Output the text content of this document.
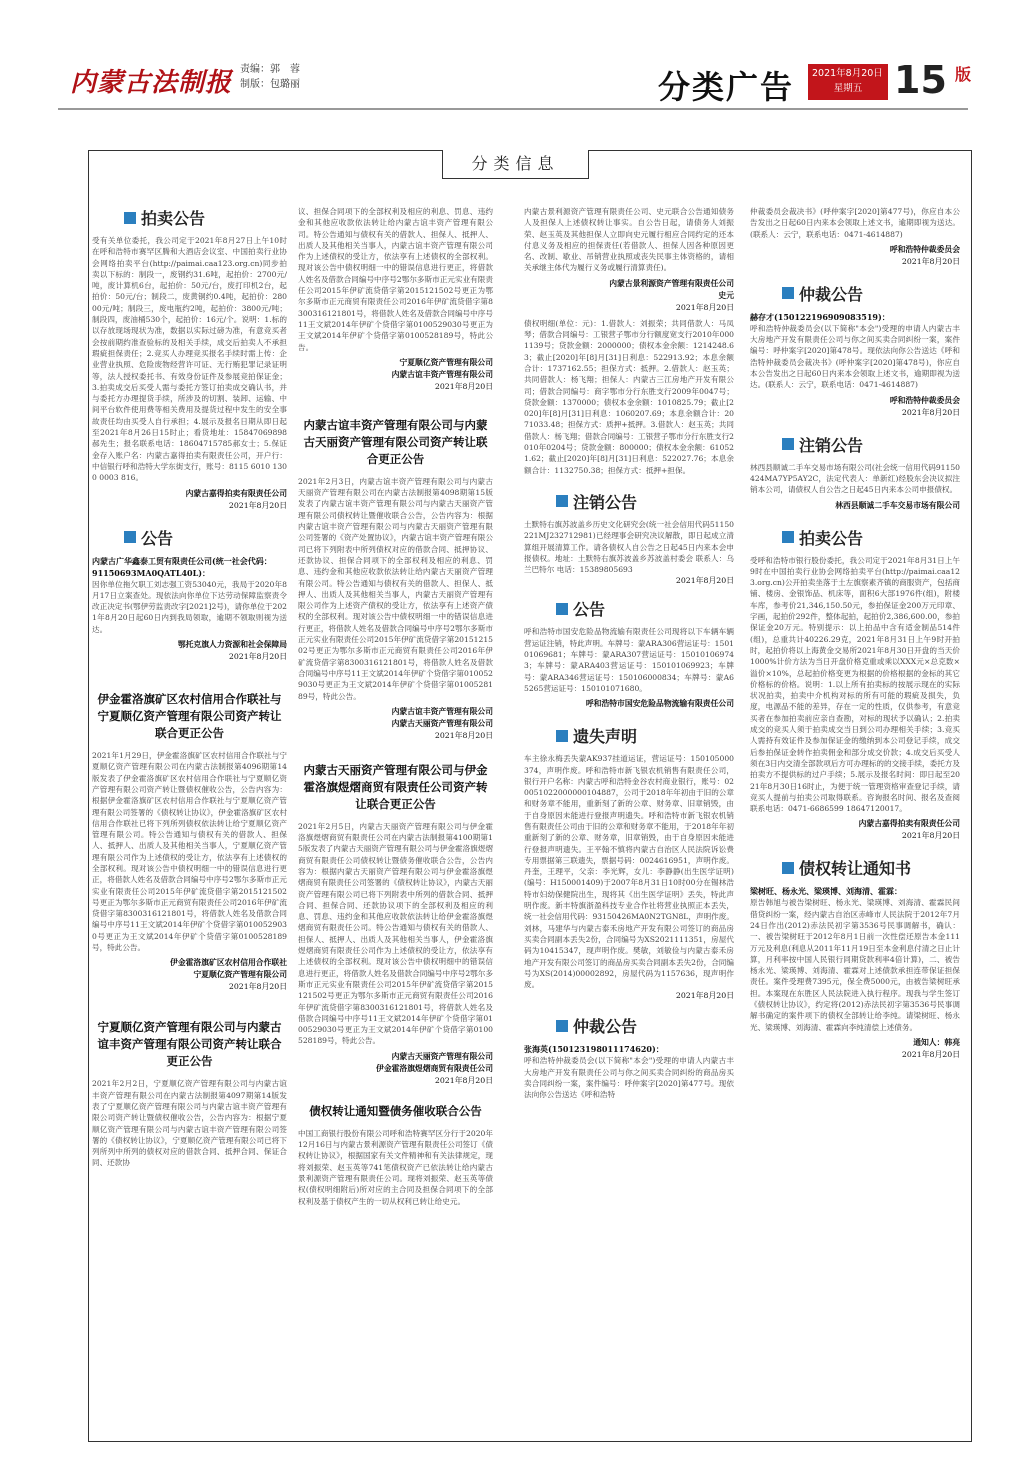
内蒙古法制报 责编：郭　蓉
制版：包璐丽	分类广告 2021年8月20日
星期五 15 版
分类信息
拍卖公告

受有关单位委托，我公司定于2021年8月27日上午10时在呼和浩特市赛罕区腾和大酒店会议室、中国拍卖行业协会网络拍卖平台(http://paimai.caa123.org.cn)同步拍卖以下标的：制段一，废钢约31.6吨，起拍价：2700元/吨，废计算机6台，起拍价：50元/台，废打印机2台，起拍价：50元/台；制段二，废黄铜约0.4吨，起拍价：28000元/吨；制段三，废电瓶约2吨，起拍价：3800元/吨；制段四，废油桶530个，起拍价：16元/个。说明：1.标的以存放现场现状为准，数据以实际过磅为准，有意竞买者会按前期约准查验标的及相关手续，成交后拍卖人不承担瑕疵担保责任；2.竞买人办理竞买报名手续时需上传：企业营业执照、危险废物经营许可证、无行贿犯罪记录证明等，法人授权委托书、有效身份证件及参展竞拍保证金；3.拍卖成交后买受人需与委托方签订拍卖成交确认书，并与委托方办理提货手续，所涉及的切割、装卸、运输、中间平台软件使用费等相关费用及提货过程中发生的安全事故责任均由买受人自行承担；4.展示及报名日期从即日起至2021年8月26日15时止；看货地址：15847069898郝先生；报名联系电话：18604715785郝女士；5.保证金存入账户名：内蒙古嘉得拍卖有限责任公司，开户行：中信银行呼和浩特大学东街支行，账号：8115 6010 1300 0003 816。

内蒙古嘉得拍卖有限责任公司
2021年8月20日
公告
内蒙古广华鑫泰工贸有限责任公司(统一社会代码：91150693MA0QATL40L)：

因你单位拖欠职工刘志强工资53040元，我局于2020年8月17日立案查处。现依法向你单位下达劳动保障监察责令改正决定书(鄂伊劳监责改字[2021]2号)，请你单位于2021年8月20日起60日内到我局领取，逾期不领取则视为送达。

鄂托克旗人力资源和社会保障局
2021年8月20日
伊金霍洛旗矿区农村信用合作联社与宁夏顺亿资产管理有限公司资产转让联合更正公告

2021年1月29日，伊金霍洛旗矿区农村信用合作联社与宁夏顺亿资产管理有限公司在内蒙古法制报第4096期第14版发表了伊金霍洛旗矿区农村信用合作联社与宁夏顺亿资产管理有限公司资产转让暨债权催收公告，公告内容为：根据伊金霍洛旗矿区农村信用合作联社与宁夏顺亿资产管理有限公司签署的《债权转让协议》，伊金霍洛旗矿区农村信用合作联社已将下列所列债权依法转让给宁夏顺亿资产管理有限公司。特公告通知与债权有关的借款人、担保人、抵押人、出质人及其他相关当事人，宁夏顺亿资产管理有限公司作为上述债权的受让方，依法享有上述债权的全部权利。现对该公告中债权明细一中的错误信息进行更正，将借款人姓名及借款合同编号中序号2鄂尔多斯市正元实业有限责任公司2015年伊矿流贷借字第2015121502号更正为鄂尔多斯市正元商贸有限责任公司2016年伊矿流贷借字第8300316121801号，将借款人姓名及借款合同编号中序号11王文斌2014年伊矿个贷借字第0100529030号更正为王文斌2014年伊矿个贷借字第0100528189号，特此公告。

伊金霍洛旗矿区农村信用合作联社
宁夏顺亿资产管理有限公司
2021年8月20日
宁夏顺亿资产管理有限公司与内蒙古谊丰资产管理有限公司资产转让联合更正公告

2021年2月2日，宁夏顺亿资产管理有限公司与内蒙古谊丰资产管理有限公司在内蒙古法制报第4097期第14版发表了宁夏顺亿资产管理有限公司与内蒙古谊丰资产管理有限公司资产转让暨债权催收公告，公告内容为：根据宁夏顺亿资产管理有限公司与内蒙古谊丰资产管理有限公司签署的《债权转让协议》，宁夏顺亿资产管理有限公司已将下列所列中所列的债权对应的借款合同、抵押合同、保证合同、还款协

议、担保合同项下的全部权利及相应的利息、罚息、违约金和其他应收款依法转让给内蒙古谊丰资产管理有限公司。特公告通知与债权有关的借款人、担保人、抵押人、出质人及其他相关当事人，内蒙古谊丰资产管理有限公司作为上述债权的受让方，依法享有上述债权的全部权利。现对该公告中债权明细一中的错误信息进行更正，将借款人姓名及借款合同编号中序号2鄂尔多斯市正元实业有限责任公司2015年伊矿流贷借字第2015121502号更正为鄂尔多斯市正元商贸有限责任公司2016年伊矿流贷借字第8300316121801号，将借款人姓名及借款合同编号中序号11王文斌2014年伊矿个贷借字第0100529030号更正为王文斌2014年伊矿个贷借字第0100528189号，特此公告。

宁夏顺亿资产管理有限公司
内蒙古谊丰资产管理有限公司
2021年8月20日
内蒙古谊丰资产管理有限公司与内蒙古天丽资产管理有限公司资产转让联合更正公告

2021年2月3日，内蒙古谊丰资产管理有限公司与内蒙古天丽资产管理有限公司在内蒙古法制报第4098期第15版发表了内蒙古谊丰资产管理有限公司与内蒙古天丽资产管理有限公司债权转让暨催收联合公告，公告内容为：根据内蒙古谊丰资产管理有限公司与内蒙古天丽资产管理有限公司签署的《资产处置协议》，内蒙古谊丰资产管理有限公司已将下列附表中所列债权对应的借款合同、抵押协议、还款协议、担保合同项下的全部权利及相应的利息、罚息、违约金和其他应收款依法转让给内蒙古天丽资产管理有限公司。特公告通知与债权有关的借款人、担保人、抵押人、出质人及其他相关当事人，内蒙古天丽资产管理有限公司作为上述资产债权的受让方，依法享有上述资产债权的全部权利。现对该公告中债权明细一中的错误信息进行更正，将借款人姓名及借款合同编号中序号2鄂尔多斯市正元实业有限责任公司2015年伊矿流贷借字第2015121502号更正为鄂尔多斯市正元商贸有限责任公司2016年伊矿流贷借字第8300316121801号，将借款人姓名及借款合同编号中序号11王文斌2014年伊矿个贷借字第0100529030号更正为王文斌2014年伊矿个贷借字第0100528189号，特此公告。

内蒙古谊丰资产管理有限公司
内蒙古天丽资产管理有限公司
2021年8月20日
内蒙古天丽资产管理有限公司与伊金霍洛旗煜熠商贸有限责任公司资产转让联合更正公告

2021年2月5日，内蒙古天丽资产管理有限公司与伊金霍洛旗煜熠商贸有限责任公司在内蒙古法制报第4100期第15版发表了内蒙古天丽资产管理有限公司与伊金霍洛旗煜熠商贸有限责任公司债权转让暨债务催收联合公告，公告内容为：根据内蒙古天丽资产管理有限公司与伊金霍洛旗煜熠商贸有限责任公司签署的《债权转让协议》，内蒙古天丽资产管理有限公司已将下列附表中所列的借款合同、抵押合同、担保合同、还款协议项下的全部权利及相应的利息、罚息、违约金和其他应收款依法转让给伊金霍洛旗煜熠商贸有限责任公司。特公告通知与债权有关的借款人、担保人、抵押人、出质人及其他相关当事人，伊金霍洛旗煜熠商贸有限责任公司作为上述债权的受让方，依法享有上述债权的全部权利。现对该公告中债权明细中的错误信息进行更正，将借款人姓名及借款合同编号中序号2鄂尔多斯市正元实业有限责任公司2015年伊矿流贷借字第2015121502号更正为鄂尔多斯市正元商贸有限责任公司2016年伊矿流贷借字第8300316121801号，将借款人姓名及借款合同编号中序号11王文斌2014年伊矿个贷借字第0100529030号更正为王文斌2014年伊矿个贷借字第0100528189号，特此公告。

内蒙古天丽资产管理有限公司
伊金霍洛旗煜熠商贸有限责任公司
2021年8月20日
债权转让通知暨债务催收联合公告

中国工商银行股份有限公司呼和浩特赛罕区分行于2020年12月16日与内蒙古景利源资产管理有限责任公司签订《债权转让协议》，根据国家有关文件精神和有关法律规定，现将刘振荣、赵玉英等741笔债权资产已依法转让给内蒙古景利源资产管理有限责任公司。现将刘振荣、赵玉英等债权(债权明细附后)所对应的主合同及担保合同项下的全部权利及基于债权产生的一切从权利已转让给史元。

内蒙古景利源资产管理有限责任公司、史元联合公告通知债务人及担保人上述债权转让事实。自公告日起，请债务人刘振荣、赵玉英及其他担保人立即向史元履行相应合同约定的还本付息义务及相应的担保责任(若借款人、担保人因各种原因更名、改制、歇业、吊销营业执照或丧失民事主体资格的，请相关承继主体代为履行义务或履行清算责任)。

内蒙古景利源资产管理有限责任公司
史元
2021年8月20日

债权明细(单位：元)：1.借款人：刘振荣；共同借款人：马凤琴；借款合同编号：工银营子鄂市分行额度宽支行2010年0001139号；贷款金额：2000000；债权本金余额：1214248.63；截止[2020]年[8]月[31]日利息：522913.92；本息余额合计：1737162.55；担保方式：抵押。2.借款人：赵玉英；共同借款人：杨飞翔；担保人：内蒙古三江房地产开发有限公司；借款合同编号：商字鄂市分行东胜支行2009年0047号；贷款金额：1370000；债权本金余额：1010825.79；截止[2020]年[8]月[31]日利息：1060207.69；本息余额合计：2071033.48；担保方式：质押+抵押。3.借款人：赵玉英；共同借款人：杨飞翔；借款合同编号：工银营子鄂市分行东胜支行2010年0204号；贷款金额：800000；债权本金余额：610521.62；截止[2020]年[8]月[31]日利息：522027.76；本息余额合计：1132750.38；担保方式：抵押+担保。

注销公告

土默特右旗苏波盖乡历史文化研究会(统一社会信用代码51150221MJ232712981)已经理事会研究决议解散，即日起成立清算组开展清算工作。请各债权人自公告之日起45日内来本会申报债权。地址：土默特右旗苏波盖乡苏波盖村委会 联系人：乌兰巴特尔 电话：15389805693

2021年8月20日
公告

呼和浩特市国安危险品物流输有限责任公司现将以下车辆车辆营运证注销，特此声明。车牌号：蒙ARA306营运证号：150101069681；车牌号：蒙ARA307营运证号：150101069743；车牌号：蒙ARA403营运证号：150101069923；车牌号：蒙ARA346营运证号：150106000834；车牌号：蒙A65265营运证号：150101071680。

呼和浩特市国安危险品物流输有限责任公司
遗失声明

车主徐永梅丢失蒙AK937挂道运证，营运证号：150105000374，声明作废。呼和浩特市新飞银农机销售有限责任公司，银行开户名称：内蒙古呼和浩特金谷农村商业银行，账号：020051022000000104887，公司于2018年年初由于旧的公章和财务章不能用，重新刻了新的公章、财务章、旧章销毁，由于自身原因未能进行登报声明遗失。呼和浩特市新飞银农机销售有限责任公司由于旧的公章和财务章不能用，于2018年年初重新刻了新的公章、财务章，旧章销毁，由于自身原因未能进行登报声明遗失。王平翰不慎将内蒙古自治区人民法院诉讼费专用票据第三联遗失，票据号码：0024616951，声明作废。丹奎，王理平，父亲：李光辉，女儿：李静静(出生医学证明)(编号：H150001409)于2007年8月31日10时00分在锡林浩特市妇幼保健院出生，现将其《出生医学证明》丢失，特此声明作废。新丰特旗浙盈科技专业合作社将营业执照正本丢失，统一社会信用代码：93150426MA0N2TGN8L，声明作废。刘林，马建华与内蒙古泰禾房地产开发有限公司签订的商品房买卖合同副本丢失2份，合同编号为XS2021111351，房屋代码为10415347，现声明作废。樊敏，刘敏俭与内蒙古泰禾房地产开发有限公司签订的商品房买卖合同副本丢失2份，合同编号为XS(2014)00002892，房屋代码为1157636，现声明作废。

2021年8月20日
仲裁公告
张海英(150123198011174620)：

呼和浩特仲裁委员会(以下简称"本会")受理的申请人内蒙古丰大房地产开发有限责任公司与你之间买卖合同纠纷的商品房买卖合同纠纷一案，案件编号：呼仲案字[2020]第477号。现依法向你公告送达《呼和浩特

仲裁委员会裁决书》(呼仲案字[2020]第477号)，你应自本公告发出之日起60日内来本会领取上述文书，逾期即视为送达。(联系人：云宁，联系电话：0471-4614887)

呼和浩特仲裁委员会
2021年8月20日
仲裁公告
赫存才(150122196909083519)：

呼和浩特仲裁委员会(以下简称"本会")受理的申请人内蒙古丰大房地产开发有限责任公司与你之间买卖合同纠纷一案，案件编号：呼仲案字[2020]第478号。现依法向你公告送达《呼和浩特仲裁委员会裁决书》(呼仲案字[2020]第478号)，你应自本公告发出之日起60日内来本会领取上述文书，逾期即视为送达。(联系人：云宁，联系电话：0471-4614887)

呼和浩特仲裁委员会
2021年8月20日
注销公告

林西县顺诚二手车交易市场有限公司(社会统一信用代码91150424MA7YP5AY2C，法定代表人：单新红)经股东会决议拟注销本公司，请债权人自公告之日起45日内来本公司申报债权。

林西县顺诚二手车交易市场有限公司
拍卖公告

受呼和浩特市银行股份委托，我公司定于2021年8月31日上午9时在中国拍卖行业协会网络拍卖平台(http://paimai.caa123.org.cn)公开拍卖坐落于土左旗察素齐镇的商服资产，包括商铺、楼房、金银饰品、机床等，面积6大部1976件(组)，附楼车库，参考价21,346,150.50元，参拍保证金200万元印章、字画，起拍价292件，整体起拍，起拍价2,386,600.00，参拍保证金20万元。特别提示：以上拍品中含有适金制品514件(组)，总重共计40226.29克，2021年8月31日上午9时开拍时，起拍价将以上海黄金交易所2021年8月30日开盘的当天价1000%计价方法为当日开盘价格克重或乘以XXX元×总克数×溢价×10%，总起拍价格变更为根据的价格根据的金标的其它价格标的价格。说明：1.以上所有拍卖标的按展示现在的实际状况拍卖，拍卖中介机构对标的所有可能的瑕疵及损失，负度，电源品不能的差异，存在一定的性质，仅供参考，有意竞买者在参加拍卖前应亲自查勘，对标的现状予以确认；2.拍卖成交的竞买人须于拍卖成交当日到公司办理相关手续；3.竞买人需持有效证件及参加保证金的缴纳到本公司登记手续，成交后参拍保证金转作拍卖佣金和部分成交价款；4.成交后买受人须在3日内交清全部款项后方可办理标的的交接手续，委托方及拍卖方不提供标的过户手续；5.展示及报名时间：即日起至2021年8月30日16时止，为便于统一管理资格审查登记手续，请竞买人提前与拍卖公司取得联系。咨询报名时间、报名及查阅联系电话：0471-6686599 18647120017。

内蒙古嘉得拍卖有限责任公司
2021年8月20日
债权转让通知书
梁树旺、杨永光、梁瑛博、刘海清、霍霖：

原告韩旭与被告梁树旺、杨永光、梁瑛博、刘海清、霍霖民间借贷纠纷一案，经内蒙古自治区赤峰市人民法院于2012年7月24日作出(2012)赤法民初字第3536号民事调解书，确认：一、被告梁树旺于2012年8月1日前一次性偿还原告本金111万元及利息(利息从2011年11月19日至本金利息付清之日止计算，月利率按中国人民银行同期贷款利率4倍计算)，二、被告杨永光、梁瑛博、刘海清、霍霖对上述债款承担连带保证担保责任。案件受理费7395元，保全费5000元，由被告梁树旺承担。本案现在东胜区人民法院进入执行程序。现我与学生签订《债权转让协议》，约定将(2012)赤法民初字第3536号民事调解书确定的案件项下的债权全部转让给李纯。请梁树旺、杨永光、梁瑛博、刘海清、霍霖向李纯清偿上述债务。

通知人：韩亮
2021年8月20日
